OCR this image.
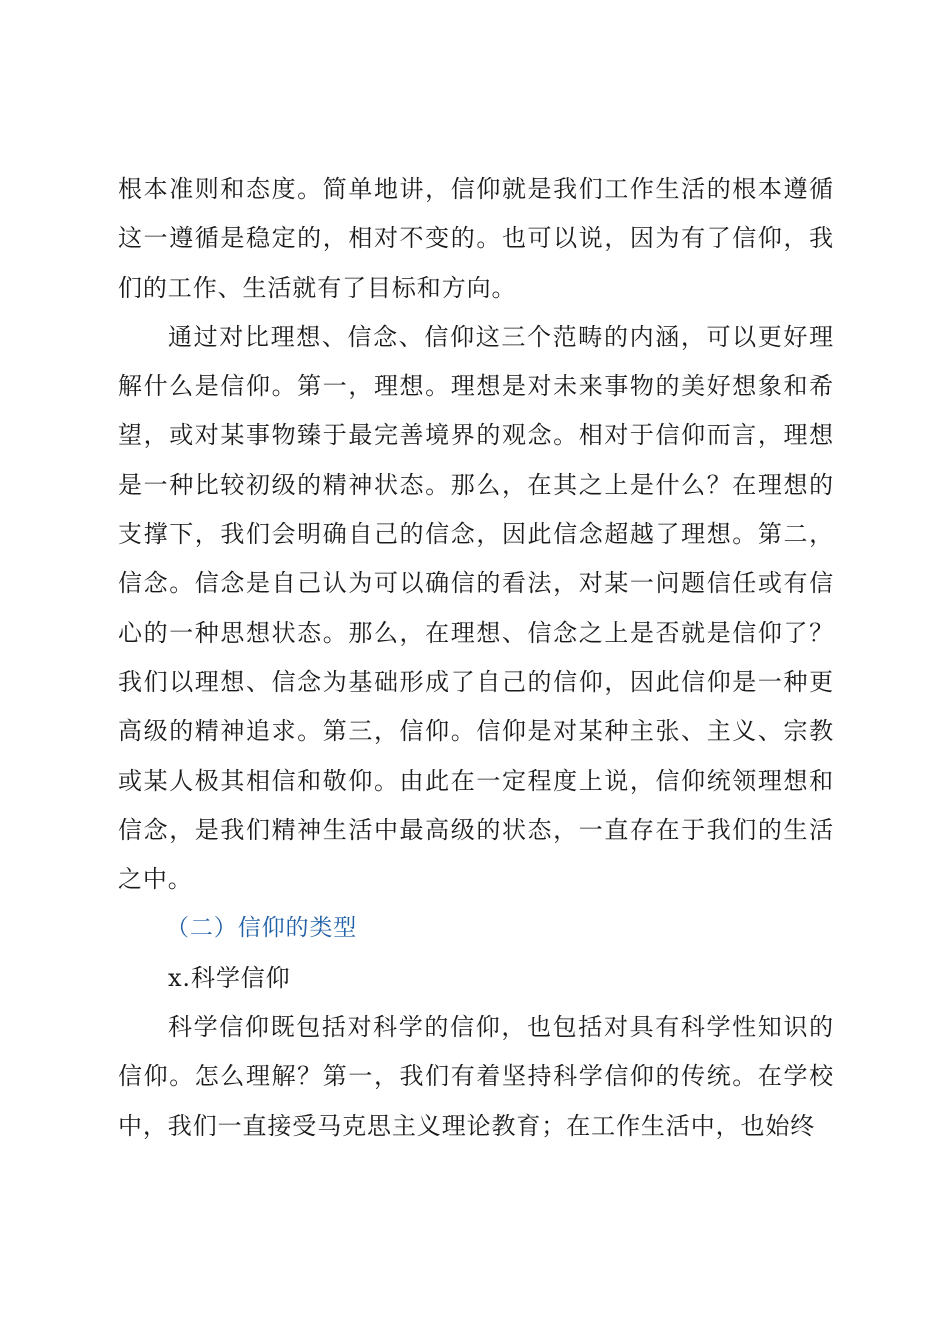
根本准则和态度。简单地讲，信仰就是我们工作生活的根本遵循这一遵循是稳定的，相对不变的。也可以说，因为有了信仰，我们的工作、生活就有了目标和方向。

通过对比理想、信念、信仰这三个范畴的内涵，可以更好理解什么是信仰。第一，理想。理想是对未来事物的美好想象和希望，或对某事物臻于最完善境界的观念。相对于信仰而言，理想是一种比较初级的精神状态。那么，在其之上是什么？在理想的支撑下，我们会明确自己的信念，因此信念超越了理想。第二，信念。信念是自己认为可以确信的看法，对某一问题信任或有信心的一种思想状态。那么，在理想、信念之上是否就是信仰了？我们以理想、信念为基础形成了自己的信仰，因此信仰是一种更高级的精神追求。第三，信仰。信仰是对某种主张、主义、宗教或某人极其相信和敬仰。由此在一定程度上说，信仰统领理想和信念，是我们精神生活中最高级的状态，一直存在于我们的生活之中。

（二）信仰的类型

x.科学信仰

科学信仰既包括对科学的信仰，也包括对具有科学性知识的信仰。怎么理解？第一，我们有着坚持科学信仰的传统。在学校中，我们一直接受马克思主义理论教育；在工作生活中，也始终
